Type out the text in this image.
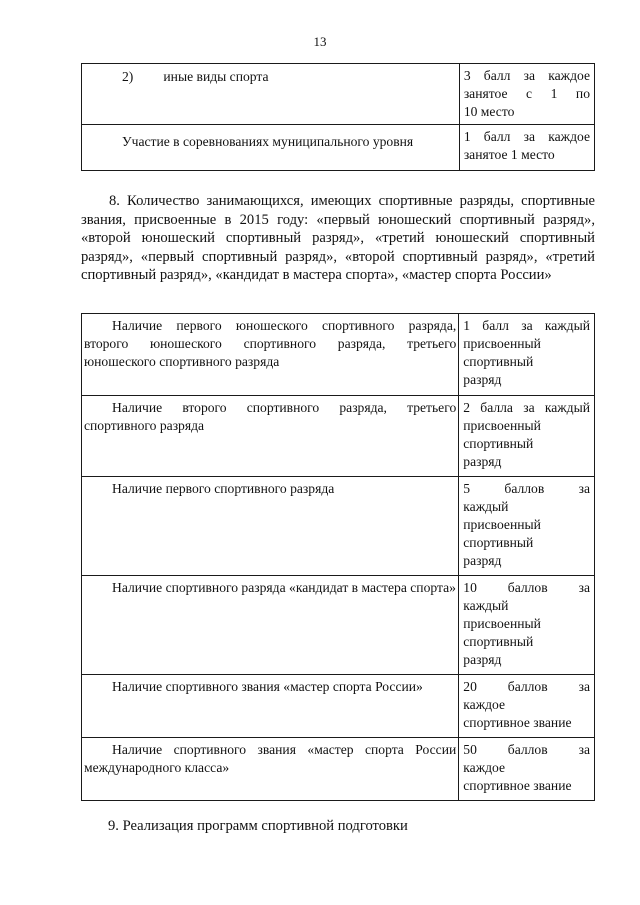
13
2) иные виды спорта	3 балл за каждое
занятое с 1 по
10 место

Участие в соревнованиях муниципального уровня	1 балл за каждое
занятое 1 место
8. Количество занимающихся, имеющих спортивные разряды, спортивные звания, присвоенные в 2015 году: «первый юношеский спортивный разряд», «второй юношеский спортивный разряд», «третий юношеский спортивный разряд», «первый спортивный разряд», «второй спортивный разряд», «третий спортивный разряд», «кандидат в мастера спорта», «мастер спорта России»
Наличие первого юношеского спортивного разряда, второго юношеского спортивного разряда, третьего юношеского спортивного разряда	1 балл за каждый
присвоенный
спортивный
разряд

Наличие второго спортивного разряда, третьего спортивного разряда	2 балла за каждый
присвоенный
спортивный
разряд

Наличие первого спортивного разряда	5 баллов за
каждый
присвоенный
спортивный
разряд

Наличие спортивного разряда «кандидат в мастера спорта»	10 баллов за
каждый
присвоенный
спортивный
разряд

Наличие спортивного звания «мастер спорта России»	20 баллов за
каждое
спортивное звание

Наличие спортивного звания «мастер спорта России международного класса»	50 баллов за
каждое
спортивное звание
9. Реализация программ спортивной подготовки
